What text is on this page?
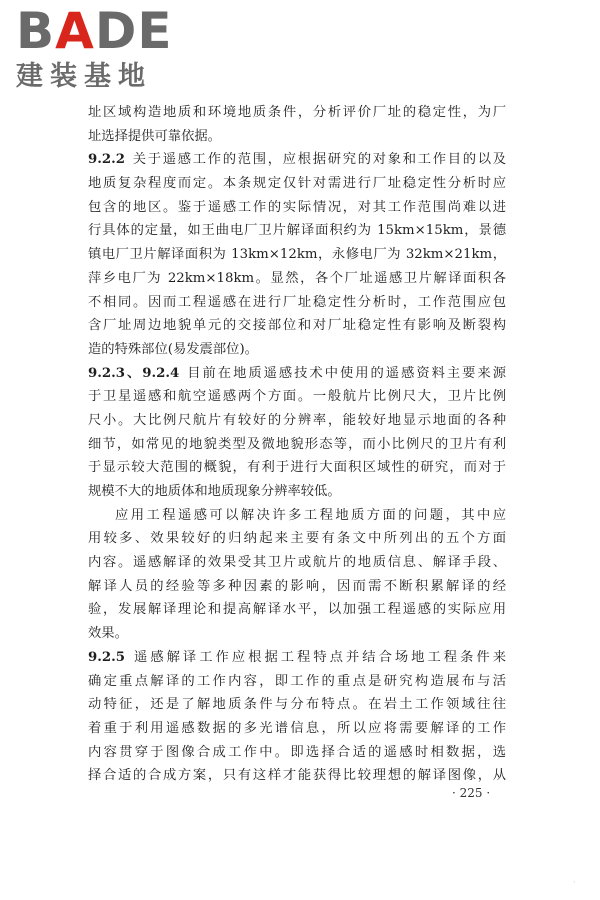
BADE
建装基地
址区域构造地质和环境地质条件，分析评价厂址的稳定性，为厂
址选择提供可靠依据。
9.2.2 关于遥感工作的范围，应根据研究的对象和工作目的以及
地质复杂程度而定。本条规定仅针对需进行厂址稳定性分析时应
包含的地区。鉴于遥感工作的实际情况，对其工作范围尚难以进
行具体的定量，如王曲电厂卫片解译面积约为 15km×15km，景德
镇电厂卫片解译面积为 13km×12km，永修电厂为 32km×21km，
萍乡电厂为 22km×18km。显然，各个厂址遥感卫片解译面积各
不相同。因而工程遥感在进行厂址稳定性分析时，工作范围应包
含厂址周边地貌单元的交接部位和对厂址稳定性有影响及断裂构
造的特殊部位(易发震部位)。
9.2.3、9.2.4 目前在地质遥感技术中使用的遥感资料主要来源
于卫星遥感和航空遥感两个方面。一般航片比例尺大，卫片比例
尺小。大比例尺航片有较好的分辨率，能较好地显示地面的各种
细节，如常见的地貌类型及微地貌形态等，而小比例尺的卫片有利
于显示较大范围的概貌，有利于进行大面积区域性的研究，而对于
规模不大的地质体和地质现象分辨率较低。
应用工程遥感可以解决许多工程地质方面的问题，其中应
用较多、效果较好的归纳起来主要有条文中所列出的五个方面
内容。遥感解译的效果受其卫片或航片的地质信息、解译手段、
解译人员的经验等多种因素的影响，因而需不断积累解译的经
验，发展解译理论和提高解译水平，以加强工程遥感的实际应用
效果。
9.2.5 遥感解译工作应根据工程特点并结合场地工程条件来
确定重点解译的工作内容，即工作的重点是研究构造展布与活
动特征，还是了解地质条件与分布特点。在岩土工作领域往往
着重于利用遥感数据的多光谱信息，所以应将需要解译的工作
内容贯穿于图像合成工作中。即选择合适的遥感时相数据，选
择合适的合成方案，只有这样才能获得比较理想的解译图像，从
· 225 ·
·
